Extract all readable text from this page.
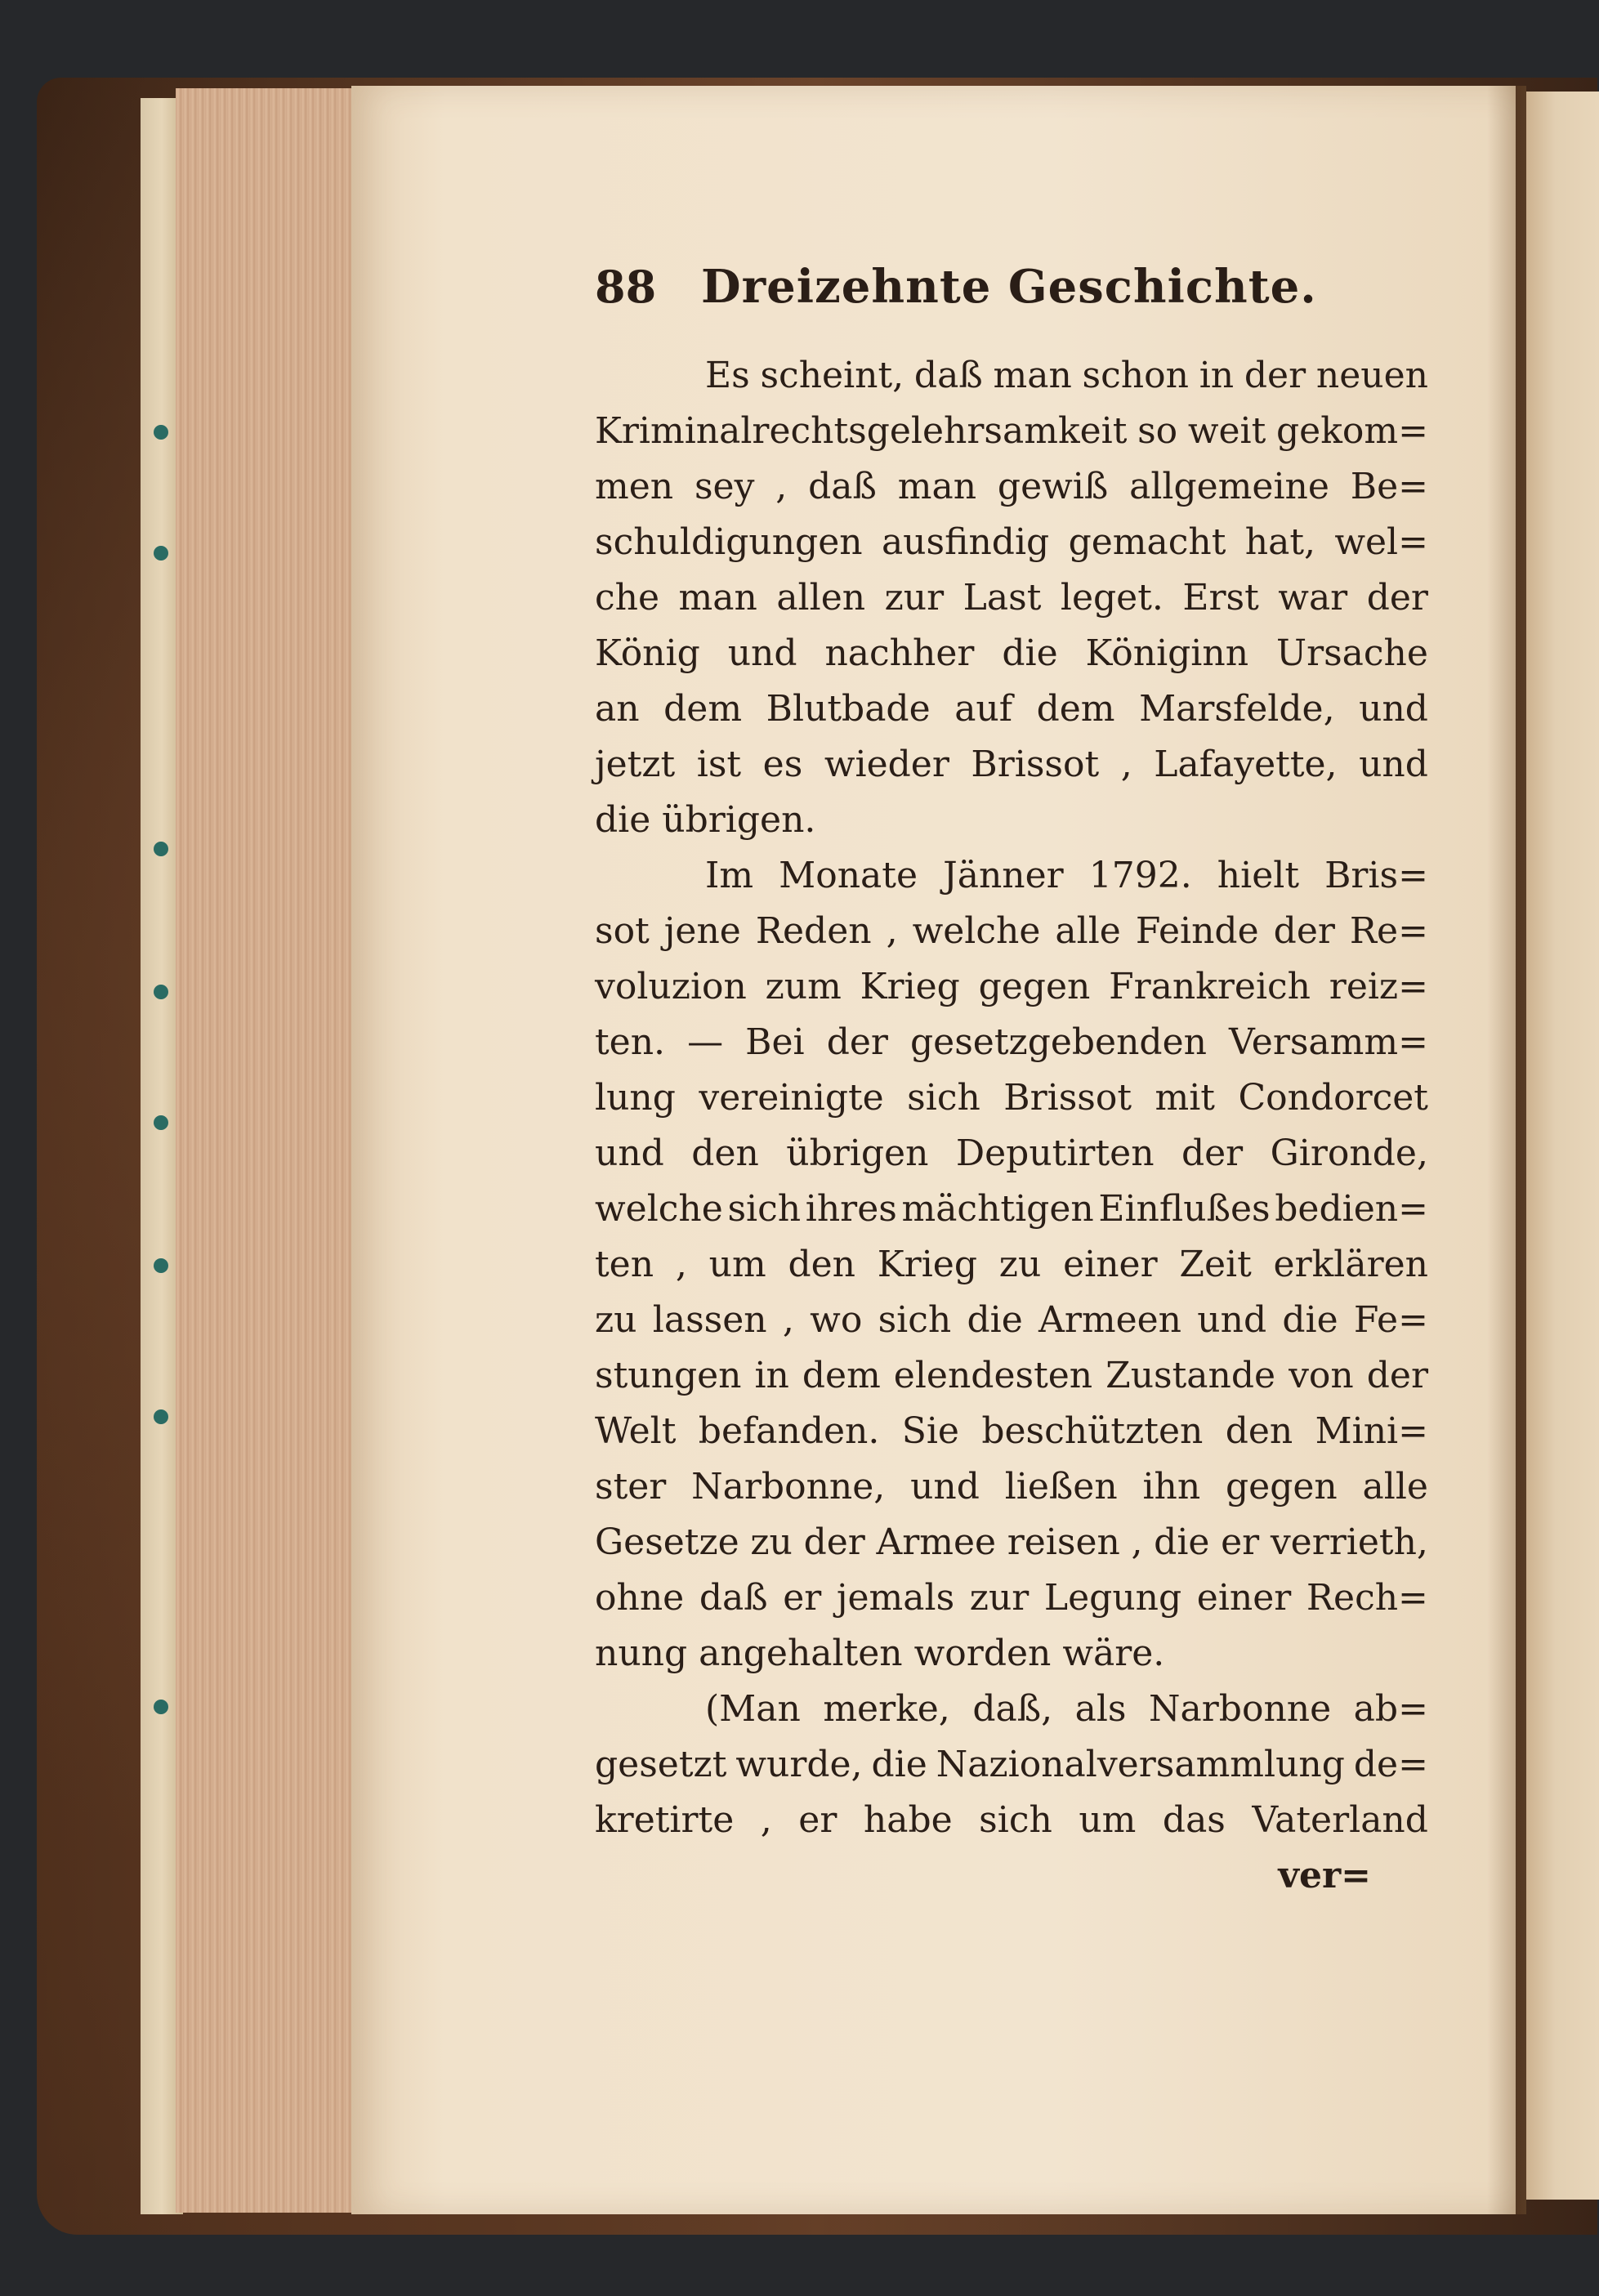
88 Dreizehnte Geschichte.
Es scheint, daß man schon in der neuen
Kriminalrechtsgelehrsamkeit so weit gekom=
men sey , daß man gewiß allgemeine Be=
schuldigungen ausfindig gemacht hat, wel=
che man allen zur Last leget. Erst war der
König und nachher die Königinn Ursache
an dem Blutbade auf dem Marsfelde, und
jetzt ist es wieder Brissot , Lafayette, und
die übrigen.
Im Monate Jänner 1792. hielt Bris=
sot jene Reden , welche alle Feinde der Re=
voluzion zum Krieg gegen Frankreich reiz=
ten. — Bei der gesetzgebenden Versamm=
lung vereinigte sich Brissot mit Condorcet
und den übrigen Deputirten der Gironde,
welche sich ihres mächtigen Einflußes bedien=
ten , um den Krieg zu einer Zeit erklären
zu lassen , wo sich die Armeen und die Fe=
stungen in dem elendesten Zustande von der
Welt befanden. Sie beschützten den Mini=
ster Narbonne, und ließen ihn gegen alle
Gesetze zu der Armee reisen , die er verrieth,
ohne daß er jemals zur Legung einer Rech=
nung angehalten worden wäre.
(Man merke, daß, als Narbonne ab=
gesetzt wurde, die Nazionalversammlung de=
kretirte , er habe sich um das Vaterland
ver=
